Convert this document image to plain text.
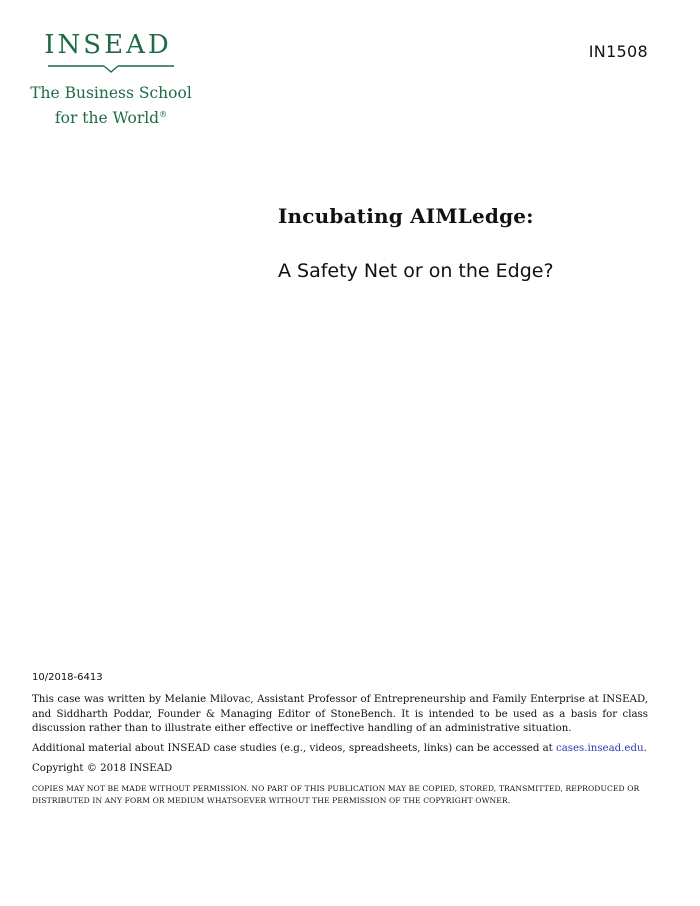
INSEAD
The Business School
for the World®
IN1508
Incubating AIMLedge:
A Safety Net or on the Edge?
10/2018-6413
This case was written by Melanie Milovac, Assistant Professor of Entrepreneurship and Family Enterprise at INSEAD, and Siddharth Poddar, Founder & Managing Editor of StoneBench. It is intended to be used as a basis for class discussion rather than to illustrate either effective or ineffective handling of an administrative situation.
Additional material about INSEAD case studies (e.g., videos, spreadsheets, links) can be accessed at cases.insead.edu.
Copyright © 2018 INSEAD
COPIES MAY NOT BE MADE WITHOUT PERMISSION. NO PART OF THIS PUBLICATION MAY BE COPIED, STORED, TRANSMITTED, REPRODUCED OR DISTRIBUTED IN ANY FORM OR MEDIUM WHATSOEVER WITHOUT THE PERMISSION OF THE COPYRIGHT OWNER.
